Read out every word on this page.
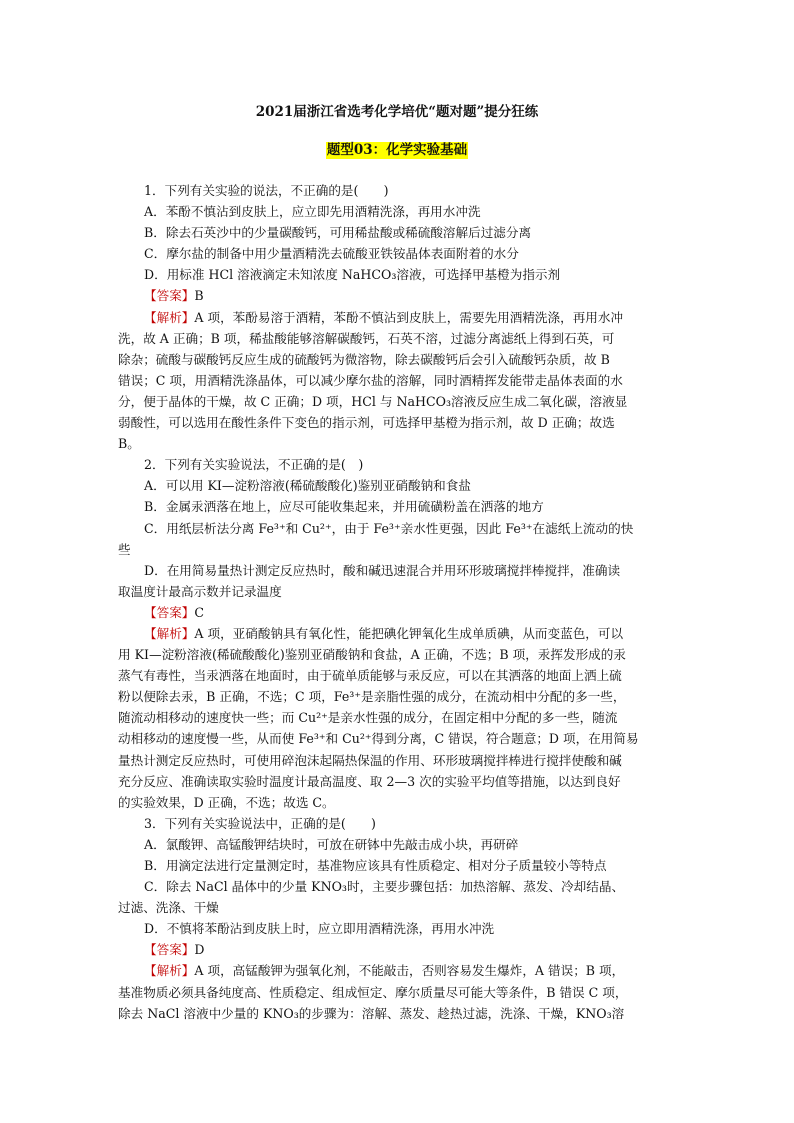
2021届浙江省选考化学培优“题对题”提分狂练
题型03：化学实验基础
1．下列有关实验的说法，不正确的是(　　)
A．苯酚不慎沾到皮肤上，应立即先用酒精洗涤，再用水冲洗
B．除去石英沙中的少量碳酸钙，可用稀盐酸或稀硫酸溶解后过滤分离
C．摩尔盐的制备中用少量酒精洗去硫酸亚铁铵晶体表面附着的水分
D．用标准 HCl 溶液滴定未知浓度 NaHCO₃溶液，可选择甲基橙为指示剂
【答案】B
【解析】A 项，苯酚易溶于酒精，苯酚不慎沾到皮肤上，需要先用酒精洗涤，再用水冲
洗，故 A 正确；B 项，稀盐酸能够溶解碳酸钙，石英不溶，过滤分离滤纸上得到石英，可
除杂；硫酸与碳酸钙反应生成的硫酸钙为微溶物，除去碳酸钙后会引入硫酸钙杂质，故 B
错误；C 项，用酒精洗涤晶体，可以减少摩尔盐的溶解，同时酒精挥发能带走晶体表面的水
分，便于晶体的干燥，故 C 正确；D 项，HCl 与 NaHCO₃溶液反应生成二氧化碳，溶液显
弱酸性，可以选用在酸性条件下变色的指示剂，可选择甲基橙为指示剂，故 D 正确；故选
B。
2．下列有关实验说法，不正确的是(　)
A．可以用 KI—淀粉溶液(稀硫酸酸化)鉴别亚硝酸钠和食盐
B．金属汞洒落在地上，应尽可能收集起来，并用硫磺粉盖在洒落的地方
C．用纸层析法分离 Fe³⁺和 Cu²⁺，由于 Fe³⁺亲水性更强，因此 Fe³⁺在滤纸上流动的快
些
D．在用简易量热计测定反应热时，酸和碱迅速混合并用环形玻璃搅拌棒搅拌，准确读
取温度计最高示数并记录温度
【答案】C
【解析】A 项，亚硝酸钠具有氧化性，能把碘化钾氧化生成单质碘，从而变蓝色，可以
用 KI—淀粉溶液(稀硫酸酸化)鉴别亚硝酸钠和食盐，A 正确，不选；B 项，汞挥发形成的汞
蒸气有毒性，当汞洒落在地面时，由于硫单质能够与汞反应，可以在其洒落的地面上洒上硫
粉以便除去汞，B 正确，不选；C 项，Fe³⁺是亲脂性强的成分，在流动相中分配的多一些，
随流动相移动的速度快一些；而 Cu²⁺是亲水性强的成分，在固定相中分配的多一些，随流
动相移动的速度慢一些，从而使 Fe³⁺和 Cu²⁺得到分离，C 错误，符合题意；D 项，在用简易
量热计测定反应热时，可使用碎泡沫起隔热保温的作用、环形玻璃搅拌棒进行搅拌使酸和碱
充分反应、准确读取实验时温度计最高温度、取 2—3 次的实验平均值等措施，以达到良好
的实验效果，D 正确，不选；故选 C。
3．下列有关实验说法中，正确的是(　　)
A．氯酸钾、高锰酸钾结块时，可放在研钵中先敲击成小块，再研碎
B．用滴定法进行定量测定时，基准物应该具有性质稳定、相对分子质量较小等特点
C．除去 NaCl 晶体中的少量 KNO₃时，主要步骤包括：加热溶解、蒸发、冷却结晶、
过滤、洗涤、干燥
D．不慎将苯酚沾到皮肤上时，应立即用酒精洗涤，再用水冲洗
【答案】D
【解析】A 项，高锰酸钾为强氧化剂，不能敲击，否则容易发生爆炸，A 错误；B 项，
基准物质必须具备纯度高、性质稳定、组成恒定、摩尔质量尽可能大等条件，B 错误 C 项，
除去 NaCl 溶液中少量的 KNO₃的步骤为：溶解、蒸发、趁热过滤，洗涤、干燥，KNO₃溶
